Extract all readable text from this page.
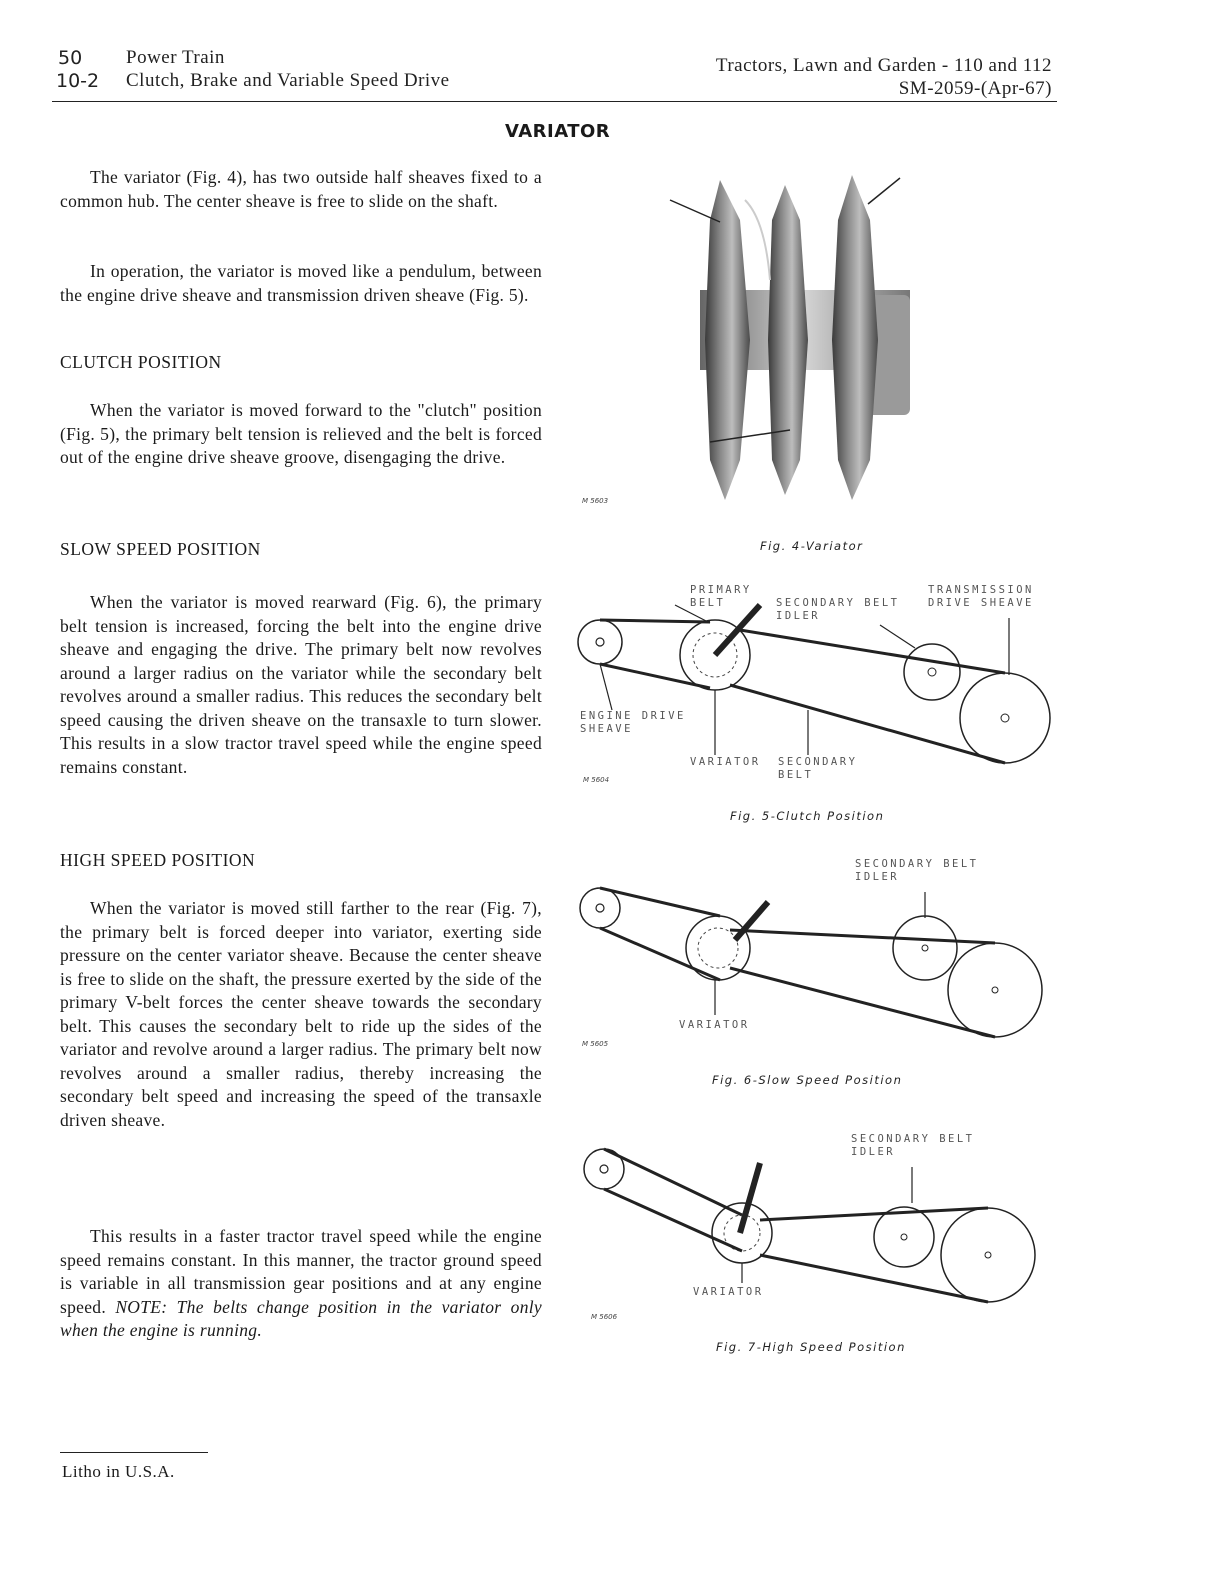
50
10-2
Power Train
Clutch, Brake and Variable Speed Drive
Tractors, Lawn and Garden - 110 and 112
SM-2059-(Apr-67)
VARIATOR

The variator (Fig. 4), has two outside half sheaves fixed to a common hub. The center sheave is free to slide on the shaft.

In operation, the variator is moved like a pendulum, between the engine drive sheave and transmission driven sheave (Fig. 5).

CLUTCH POSITION

When the variator is moved forward to the "clutch" position (Fig. 5), the primary belt tension is relieved and the belt is forced out of the engine drive sheave groove, disengaging the drive.

SLOW SPEED POSITION

When the variator is moved rearward (Fig. 6), the primary belt tension is increased, forcing the belt into the engine drive sheave and engaging the drive. The primary belt now revolves around a larger radius on the variator while the secondary belt revolves around a smaller radius. This reduces the secondary belt speed causing the driven sheave on the transaxle to turn slower. This results in a slow tractor travel speed while the engine speed remains constant.

HIGH SPEED POSITION

When the variator is moved still farther to the rear (Fig. 7), the primary belt is forced deeper into variator, exerting side pressure on the center variator sheave. Because the center sheave is free to slide on the shaft, the pressure exerted by the side of the primary V-belt forces the center sheave towards the secondary belt. This causes the secondary belt to ride up the sides of the variator and revolve around a larger radius. The primary belt now revolves around a smaller radius, thereby increasing the secondary belt speed and increasing the speed of the transaxle driven sheave.

This results in a faster tractor travel speed while the engine speed remains constant. In this manner, the tractor ground speed is variable in all transmission gear positions and at any engine speed. NOTE: The belts change position in the variator only when the engine is running.

M 5603
Fig. 4-Variator
PRIMARY BELT	SECONDARY BELT IDLER
TRANSMISSION DRIVE SHEAVE
ENGINE DRIVE SHEAVE
VARIATOR SECONDARY BELT
M 5604
Fig. 5-Clutch Position
SECONDARY BELT IDLER
VARIATOR
M 5605
Fig. 6-Slow Speed Position
SECONDARY BELT IDLER
VARIATOR
M 5606
Fig. 7-High Speed Position
Litho in U.S.A.
